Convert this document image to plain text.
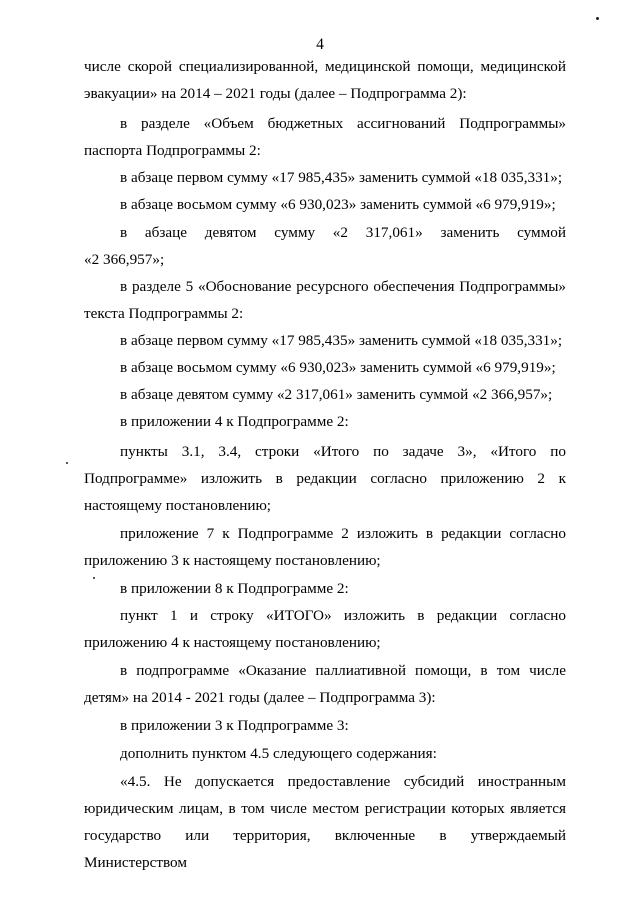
4
числе скорой специализированной, медицинской помощи, медицинской
эвакуации» на 2014 – 2021 годы (далее – Подпрограмма 2):
в разделе «Объем бюджетных ассигнований Подпрограммы»
паспорта Подпрограммы 2:
в абзаце первом сумму «17 985,435» заменить суммой «18 035,331»;
в абзаце восьмом сумму «6 930,023» заменить суммой «6 979,919»;
в абзаце девятом сумму «2 317,061» заменить суммой
«2 366,957»;
в разделе 5 «Обоснование ресурсного обеспечения Подпрограммы»
текста Подпрограммы 2:
в абзаце первом сумму «17 985,435» заменить суммой «18 035,331»;
в абзаце восьмом сумму «6 930,023» заменить суммой «6 979,919»;
в абзаце девятом сумму «2 317,061» заменить суммой «2 366,957»;
в приложении 4 к Подпрограмме 2:
пункты 3.1, 3.4, строки «Итого по задаче 3», «Итого по
Подпрограмме» изложить в редакции согласно приложению 2 к
настоящему постановлению;
приложение 7 к Подпрограмме 2 изложить в редакции согласно
приложению 3 к настоящему постановлению;
в приложении 8 к Подпрограмме 2:
пункт 1 и строку «ИТОГО» изложить в редакции согласно
приложению 4 к настоящему постановлению;
в подпрограмме «Оказание паллиативной помощи, в том числе
детям» на 2014 - 2021 годы (далее – Подпрограмма 3):
в приложении 3 к Подпрограмме 3:
дополнить пунктом 4.5 следующего содержания:
«4.5. Не допускается предоставление субсидий иностранным
юридическим лицам, в том числе местом регистрации которых является
государство или территория, включенные в утверждаемый Министерством
